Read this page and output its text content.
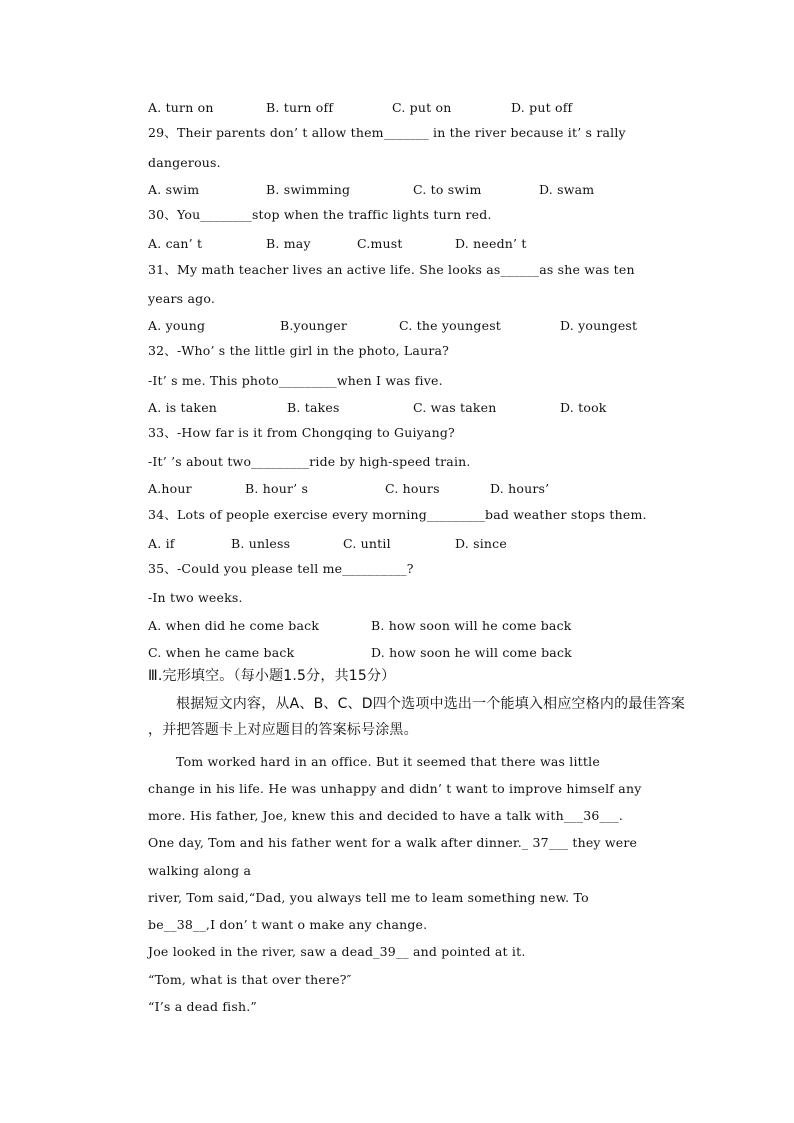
A. turn on	B. turn off	C. put on	D. put off
29、Their parents don’ t allow them_______ in the river because it’ s rally
dangerous.
A. swim	B. swimming	C. to swim	D. swam
30、You________stop when the traffic lights turn red.
A. can’ t	B. may	C.must	D. needn’ t
31、My math teacher lives an active life. She looks as______as she was ten
years ago.
A. young	B.younger	C. the youngest	D. youngest
32、-Who’ s the little girl in the photo, Laura?
-It’ s me. This photo_________when I was five.
A. is taken	B. takes	C. was taken	D. took
33、-How far is it from Chongqing to Guiyang?
-It’ ’s about two_________ride by high-speed train.
A.hour	B. hour’ s	C. hours	D. hours’
34、Lots of people exercise every morning_________bad weather stops them.
A. if	B. unless	C. until	D. since
35、-Could you please tell me__________?
-In two weeks.
A. when did he come back	B. how soon will he come back
C. when he came back	D. how soon he will come back
Ⅲ.完形填空。（每小题1.5分，共15分）
根据短文内容，从A、B、C、D四个选项中选出一个能填入相应空格内的最佳答案
，并把答题卡上对应题目的答案标号涂黑。
Tom worked hard in an office. But it seemed that there was little
change in his life. He was unhappy and didn’ t want to improve himself any
more. His father, Joe, knew this and decided to have a talk with___36___.
One day, Tom and his father went for a walk after dinner._ 37___ they were
walking along a
river, Tom said,“Dad, you always tell me to leam something new. To
be__38__,I don’ t want o make any change.
Joe looked in the river, saw a dead_39__ and pointed at it.
“Tom, what is that over there?″
“I’s a dead fish.”
